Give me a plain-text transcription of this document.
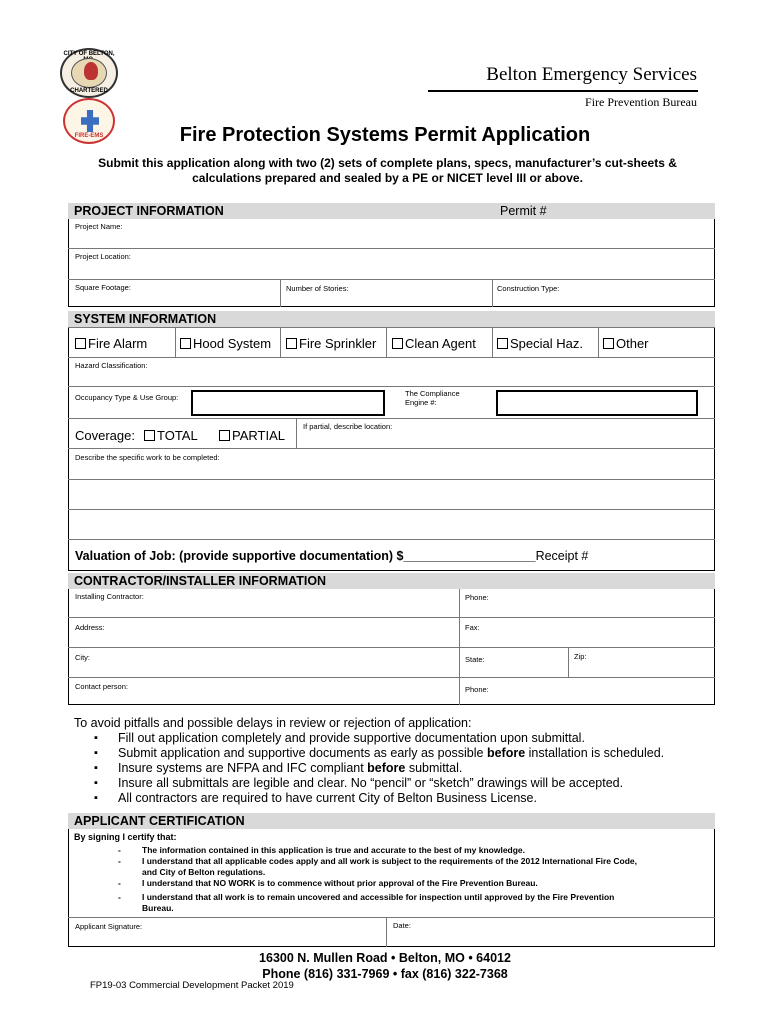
CITY OF BELTON,
CHARTERED
FIRE-EMS
Belton Emergency Services
Fire Prevention Bureau
Fire Protection Systems Permit Application
Submit this application along with two (2) sets of complete plans, specs, manufacturer’s cut-sheets & calculations prepared and sealed by a PE or NICET level III or above.
PROJECT INFORMATION	Permit #
Project Name:
Project Location:
Square Footage:	Number of Stories:	Construction Type:
SYSTEM INFORMATION
Fire Alarm	Hood System	Fire Sprinkler	Clean Agent	Special Haz.	Other
Hazard Classification:
Occupancy Type & Use Group:	The Compliance Engine #:
Coverage:	TOTAL	PARTIAL
If partial, describe location:
Describe the specific work to be completed:
Valuation of Job: (provide supportive documentation) $___________________Receipt #
CONTRACTOR/INSTALLER INFORMATION
Installing Contractor:	Phone:
Address:	Fax:
City:	State:	Zip:
Contact person:	Phone:
To avoid pitfalls and possible delays in review or rejection of application:
▪ Fill out application completely and provide supportive documentation upon submittal.
▪ Submit application and supportive documents as early as possible before installation is scheduled.
▪ Insure systems are NFPA and IFC compliant before submittal.
▪ Insure all submittals are legible and clear. No “pencil” or “sketch” drawings will be accepted.
▪ All contractors are required to have current City of Belton Business License.
APPLICANT CERTIFICATION
By signing I certify that:
- The information contained in this application is true and accurate to the best of my knowledge.
- I understand that all applicable codes apply and all work is subject to the requirements of the 2012 International Fire Code, and City of Belton regulations.
- I understand that NO WORK is to commence without prior approval of the Fire Prevention Bureau.
- I understand that all work is to remain uncovered and accessible for inspection until approved by the Fire Prevention Bureau.
Applicant Signature:	Date:
16300 N. Mullen Road • Belton, MO • 64012
Phone (816) 331-7969 • fax (816) 322-7368
FP19-03 Commercial Development Packet 2019
